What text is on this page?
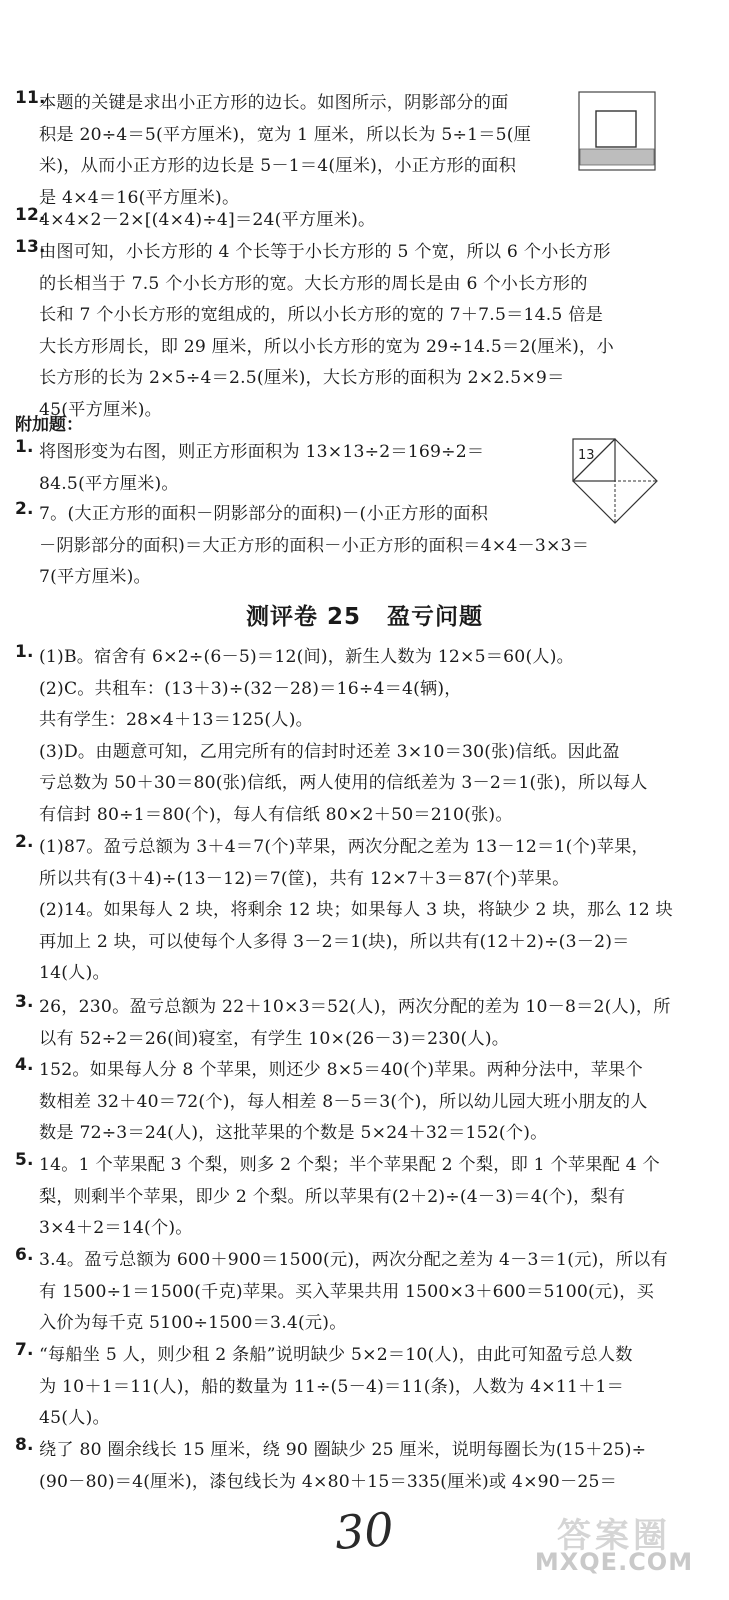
11.
本题的关键是求出小正方形的边长。如图所示，阴影部分的面
积是 20÷4＝5(平方厘米)，宽为 1 厘米，所以长为 5÷1＝5(厘
米)，从而小正方形的边长是 5－1＝4(厘米)，小正方形的面积
是 4×4＝16(平方厘米)。
12.
4×4×2－2×[(4×4)÷4]＝24(平方厘米)。
13.
由图可知，小长方形的 4 个长等于小长方形的 5 个宽，所以 6 个小长方形
的长相当于 7.5 个小长方形的宽。大长方形的周长是由 6 个小长方形的
长和 7 个小长方形的宽组成的，所以小长方形的宽的 7＋7.5＝14.5 倍是
大长方形周长，即 29 厘米，所以小长方形的宽为 29÷14.5＝2(厘米)，小
长方形的长为 2×5÷4＝2.5(厘米)，大长方形的面积为 2×2.5×9＝
45(平方厘米)。
附加题：
1. 将图形变为右图，则正方形面积为 13×13÷2＝169÷2＝
84.5(平方厘米)。
13
2. 7。(大正方形的面积－阴影部分的面积)－(小正方形的面积
－阴影部分的面积)＝大正方形的面积－小正方形的面积＝4×4－3×3＝
7(平方厘米)。
测评卷 25 盈亏问题
1. (1)B。宿舍有 6×2÷(6－5)＝12(间)，新生人数为 12×5＝60(人)。
(2)C。共租车：(13＋3)÷(32－28)＝16÷4＝4(辆)，
共有学生：28×4＋13＝125(人)。
(3)D。由题意可知，乙用完所有的信封时还差 3×10＝30(张)信纸。因此盈
亏总数为 50＋30＝80(张)信纸，两人使用的信纸差为 3－2＝1(张)，所以每人
有信封 80÷1＝80(个)，每人有信纸 80×2＋50＝210(张)。
2. (1)87。盈亏总额为 3＋4＝7(个)苹果，两次分配之差为 13－12＝1(个)苹果，
所以共有(3＋4)÷(13－12)＝7(筐)，共有 12×7＋3＝87(个)苹果。
(2)14。如果每人 2 块，将剩余 12 块；如果每人 3 块，将缺少 2 块，那么 12 块
再加上 2 块，可以使每个人多得 3－2＝1(块)，所以共有(12＋2)÷(3－2)＝
14(人)。
3. 26，230。盈亏总额为 22＋10×3＝52(人)，两次分配的差为 10－8＝2(人)，所
以有 52÷2＝26(间)寝室，有学生 10×(26－3)＝230(人)。
4. 152。如果每人分 8 个苹果，则还少 8×5＝40(个)苹果。两种分法中，苹果个
数相差 32＋40＝72(个)，每人相差 8－5＝3(个)，所以幼儿园大班小朋友的人
数是 72÷3＝24(人)，这批苹果的个数是 5×24＋32＝152(个)。
5. 14。1 个苹果配 3 个梨，则多 2 个梨；半个苹果配 2 个梨，即 1 个苹果配 4 个
梨，则剩半个苹果，即少 2 个梨。所以苹果有(2＋2)÷(4－3)＝4(个)，梨有
3×4＋2＝14(个)。
6. 3.4。盈亏总额为 600＋900＝1500(元)，两次分配之差为 4－3＝1(元)，所以有
有 1500÷1＝1500(千克)苹果。买入苹果共用 1500×3＋600＝5100(元)，买
入价为每千克 5100÷1500＝3.4(元)。
7. “每船坐 5 人，则少租 2 条船”说明缺少 5×2＝10(人)，由此可知盈亏总人数
为 10＋1＝11(人)，船的数量为 11÷(5－4)＝11(条)，人数为 4×11＋1＝
45(人)。
8. 绕了 80 圈余线长 15 厘米，绕 90 圈缺少 25 厘米，说明每圈长为(15＋25)÷
(90－80)＝4(厘米)，漆包线长为 4×80＋15＝335(厘米)或 4×90－25＝
30	答案圈
MXQE.COM
